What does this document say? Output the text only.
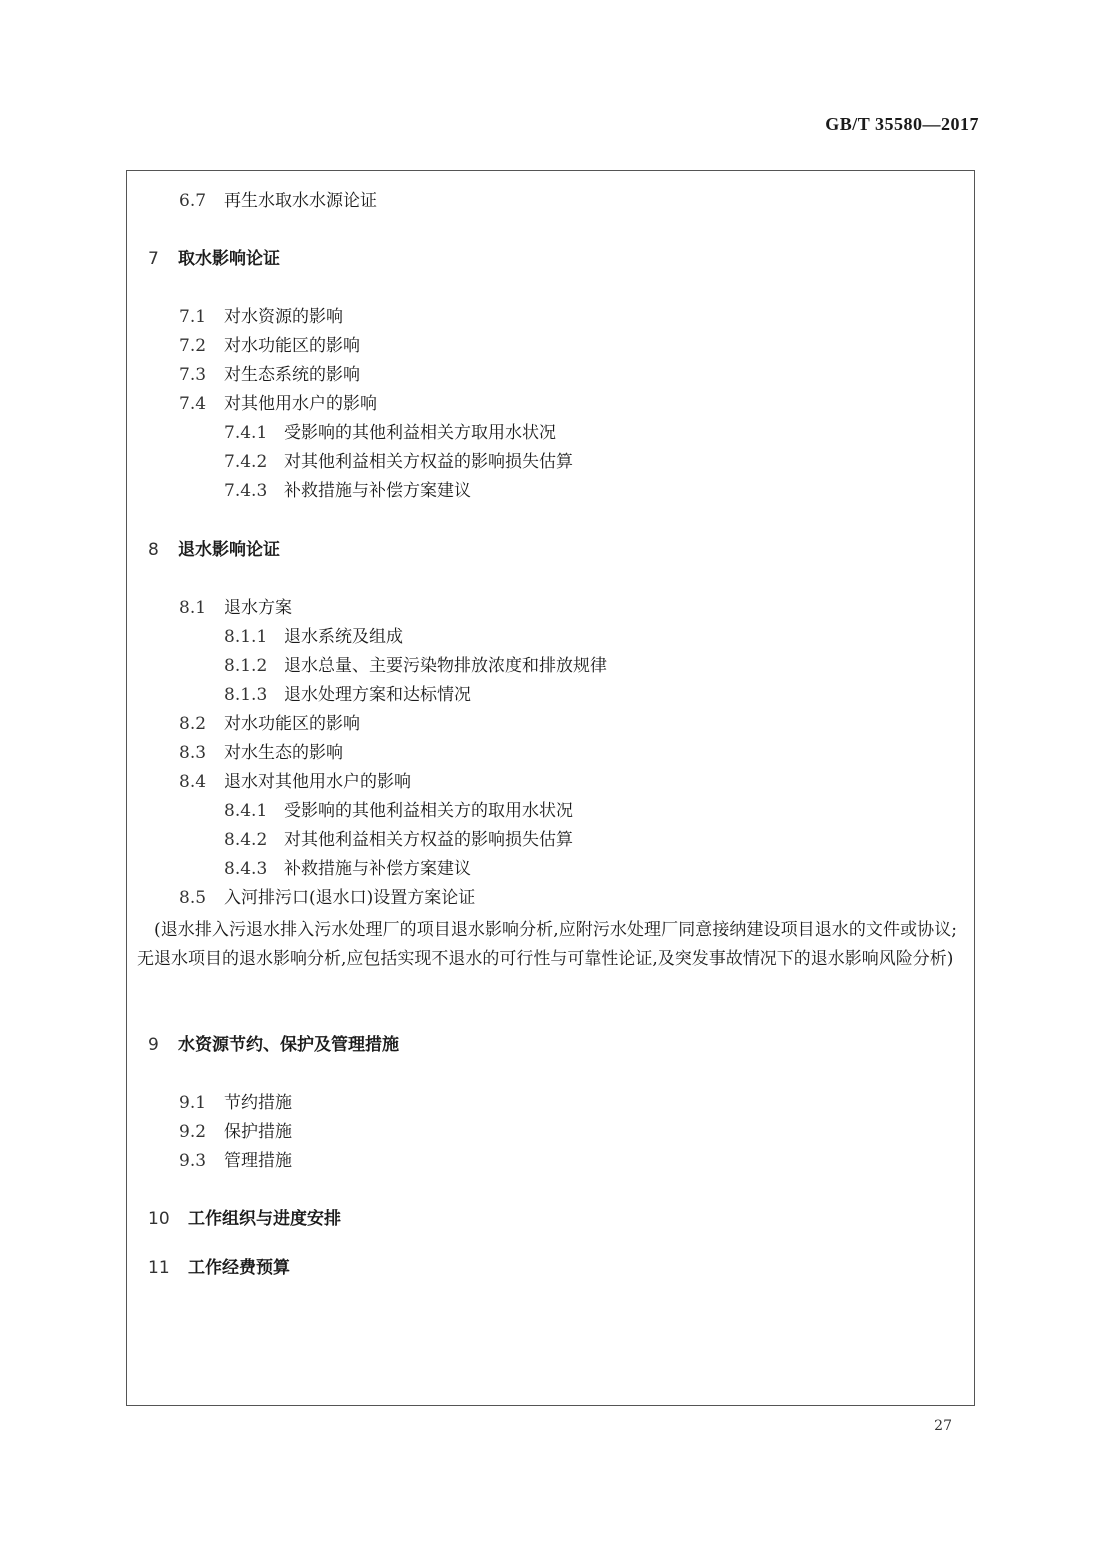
GB/T 35580—2017
6.7 再生水取水水源论证
7 取水影响论证
7.1 对水资源的影响
7.2 对水功能区的影响
7.3 对生态系统的影响
7.4 对其他用水户的影响
7.4.1 受影响的其他利益相关方取用水状况
7.4.2 对其他利益相关方权益的影响损失估算
7.4.3 补救措施与补偿方案建议
8 退水影响论证
8.1 退水方案
8.1.1 退水系统及组成
8.1.2 退水总量、主要污染物排放浓度和排放规律
8.1.3 退水处理方案和达标情况
8.2 对水功能区的影响
8.3 对水生态的影响
8.4 退水对其他用水户的影响
8.4.1 受影响的其他利益相关方的取用水状况
8.4.2 对其他利益相关方权益的影响损失估算
8.4.3 补救措施与补偿方案建议
8.5 入河排污口(退水口)设置方案论证
(退水排入污退水排入污水处理厂的项目退水影响分析,应附污水处理厂同意接纳建设项目退水的文件或协议;无退水项目的退水影响分析,应包括实现不退水的可行性与可靠性论证,及突发事故情况下的退水影响风险分析)
9 水资源节约、保护及管理措施
9.1 节约措施
9.2 保护措施
9.3 管理措施
10 工作组织与进度安排
11 工作经费预算
27
